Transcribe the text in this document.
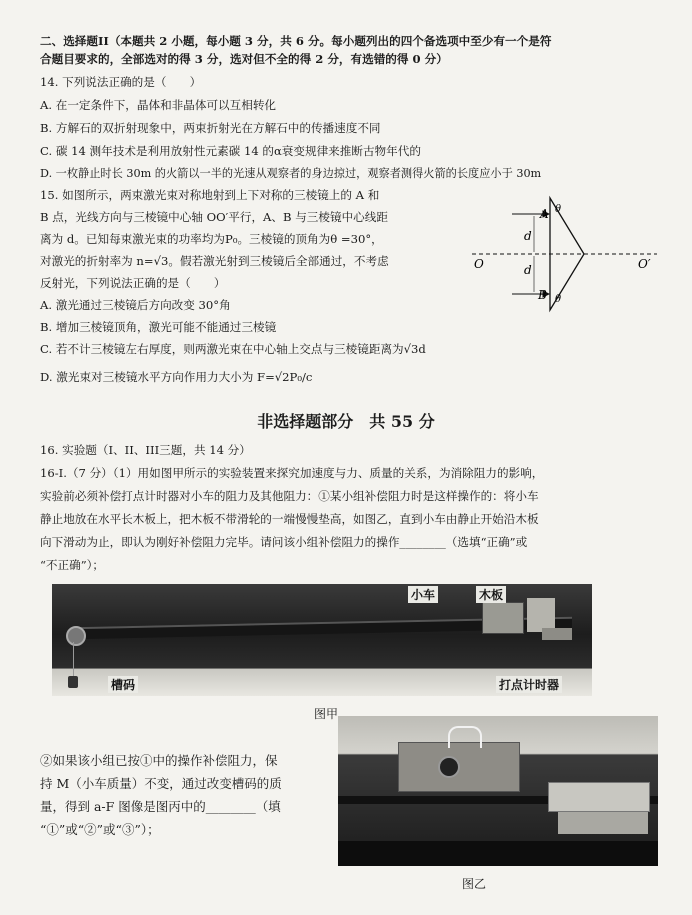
二、选择题II（本题共 2 小题，每小题 3 分，共 6 分。每小题列出的四个备选项中至少有一个是符
合题目要求的，全部选对的得 3 分，选对但不全的得 2 分，有选错的得 0 分）
14. 下列说法正确的是（　　）
A. 在一定条件下，晶体和非晶体可以互相转化
B. 方解石的双折射现象中，两束折射光在方解石中的传播速度不同
C. 碳 14 测年技术是利用放射性元素碳 14 的α衰变规律来推断古物年代的
D. 一枚静止时长 30m 的火箭以一半的光速从观察者的身边掠过，观察者测得火箭的长度应小于 30m
15. 如图所示，两束激光束对称地射到上下对称的三棱镜上的 A 和
B 点，光线方向与三棱镜中心轴 OO′平行，A、B 与三棱镜中心线距
离为 d。已知每束激光束的功率均为P₀。三棱镜的顶角为θ =30°，
对激光的折射率为 n=√3。假若激光射到三棱镜后全部通过，不考虑
反射光，下列说法正确的是（　　）
A. 激光通过三棱镜后方向改变 30°角
B. 增加三棱镜顶角，激光可能不能通过三棱镜
C. 若不计三棱镜左右厚度，则两激光束在中心轴上交点与三棱镜距离为√3d
D. 激光束对三棱镜水平方向作用力大小为 F=√2P₀/c
A
B
θ
θ
d
d
O	O′
非选择题部分　共 55 分
16. 实验题（I、II、III三题，共 14 分）
16-I.（7 分）（1）用如图甲所示的实验装置来探究加速度与力、质量的关系，为消除阻力的影响，
实验前必须补偿打点计时器对小车的阻力及其他阻力：①某小组补偿阻力时是这样操作的：将小车
静止地放在水平长木板上，把木板不带滑轮的一端慢慢垫高，如图乙，直到小车由静止开始沿木板
向下滑动为止，即认为刚好补偿阻力完毕。请问该小组补偿阻力的操作________（选填“正确”或
“不正确”）；
小车	木板
槽码	打点计时器
图甲
②如果该小组已按①中的操作补偿阻力，保
持 M（小车质量）不变，通过改变槽码的质
量，得到 a-F 图像是图丙中的________（填
“①”或“②”或“③”）；
图乙
